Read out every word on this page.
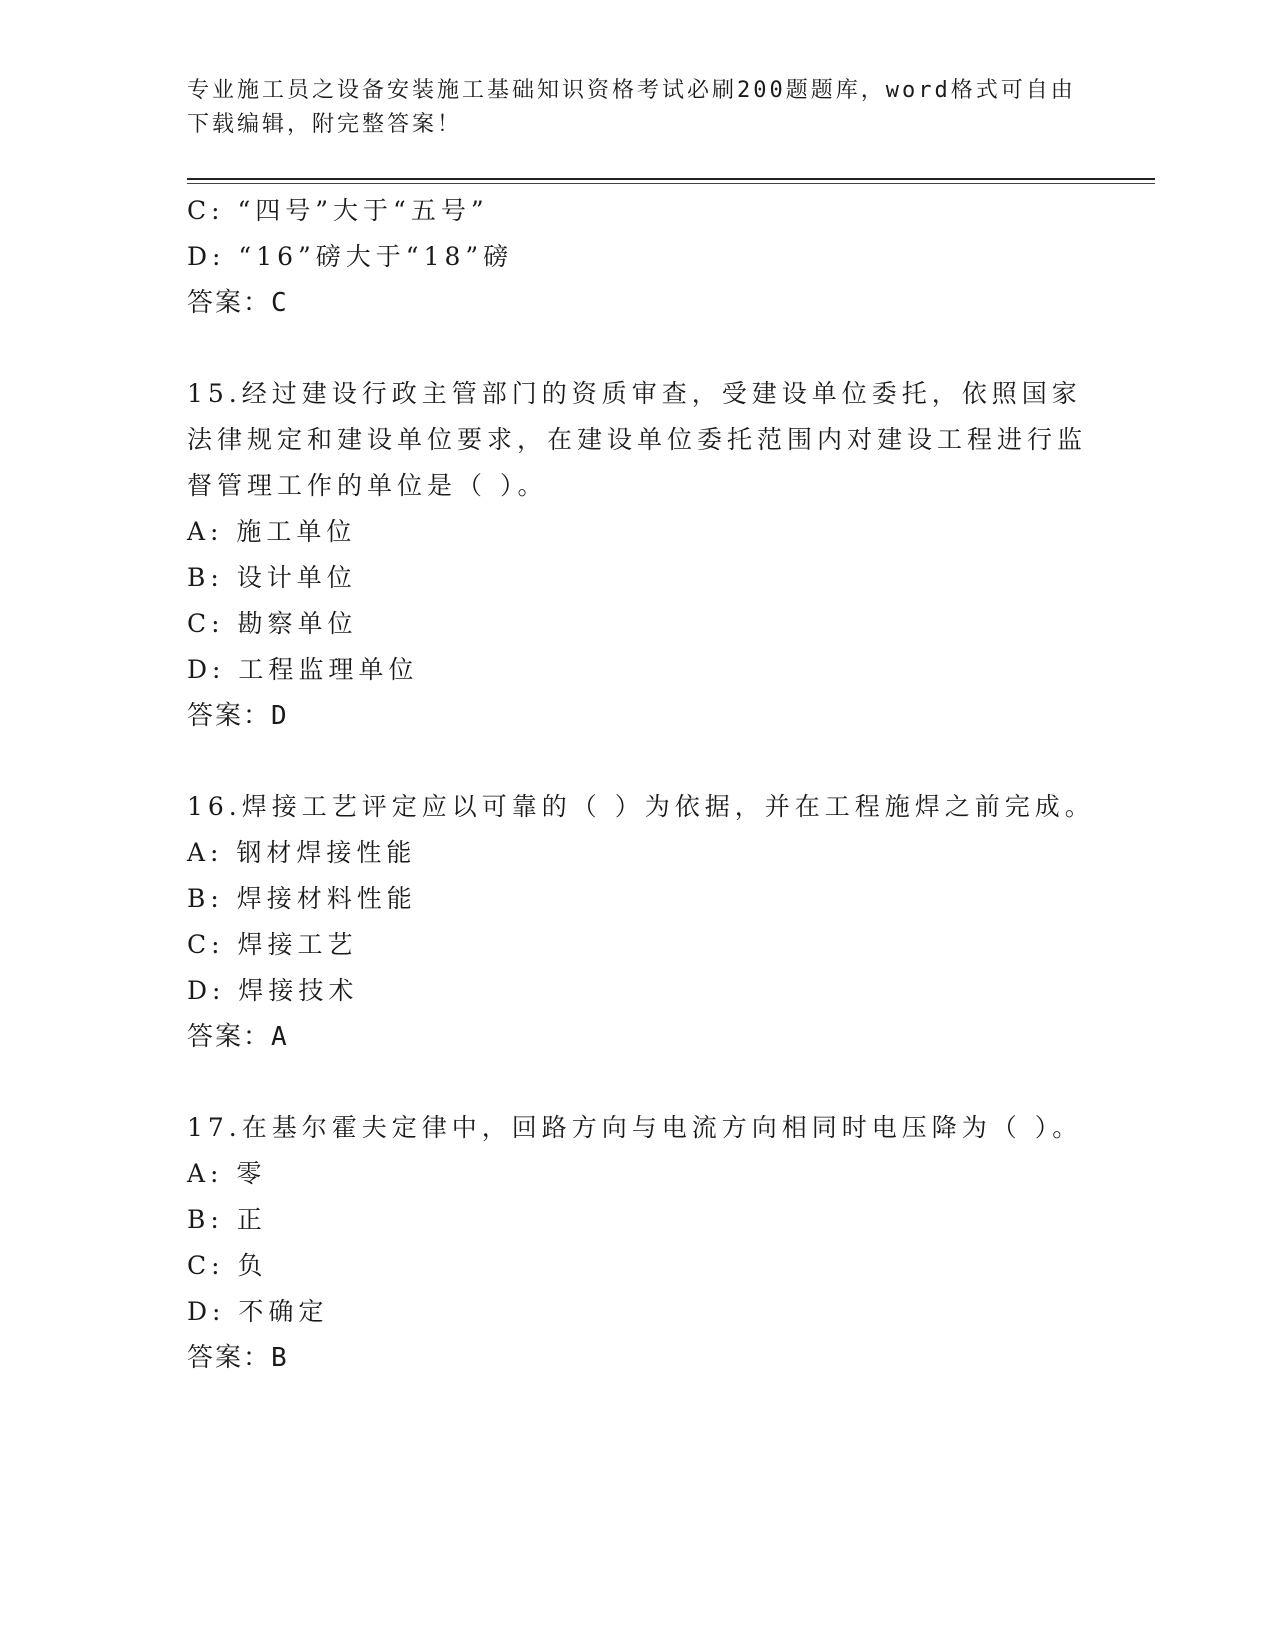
专业施工员之设备安装施工基础知识资格考试必刷200题题库，word格式可自由下载编辑，附完整答案！
C: “四号”大于“五号”
D: “16”磅大于“18”磅
答案：C
15.经过建设行政主管部门的资质审查，受建设单位委托，依照国家法律规定和建设单位要求，在建设单位委托范围内对建设工程进行监督管理工作的单位是（ ）。
A: 施工单位
B: 设计单位
C: 勘察单位
D: 工程监理单位
答案：D
16.焊接工艺评定应以可靠的（ ）为依据，并在工程施焊之前完成。
A: 钢材焊接性能
B: 焊接材料性能
C: 焊接工艺
D: 焊接技术
答案：A
17.在基尔霍夫定律中，回路方向与电流方向相同时电压降为（ ）。
A: 零
B: 正
C: 负
D: 不确定
答案：B
